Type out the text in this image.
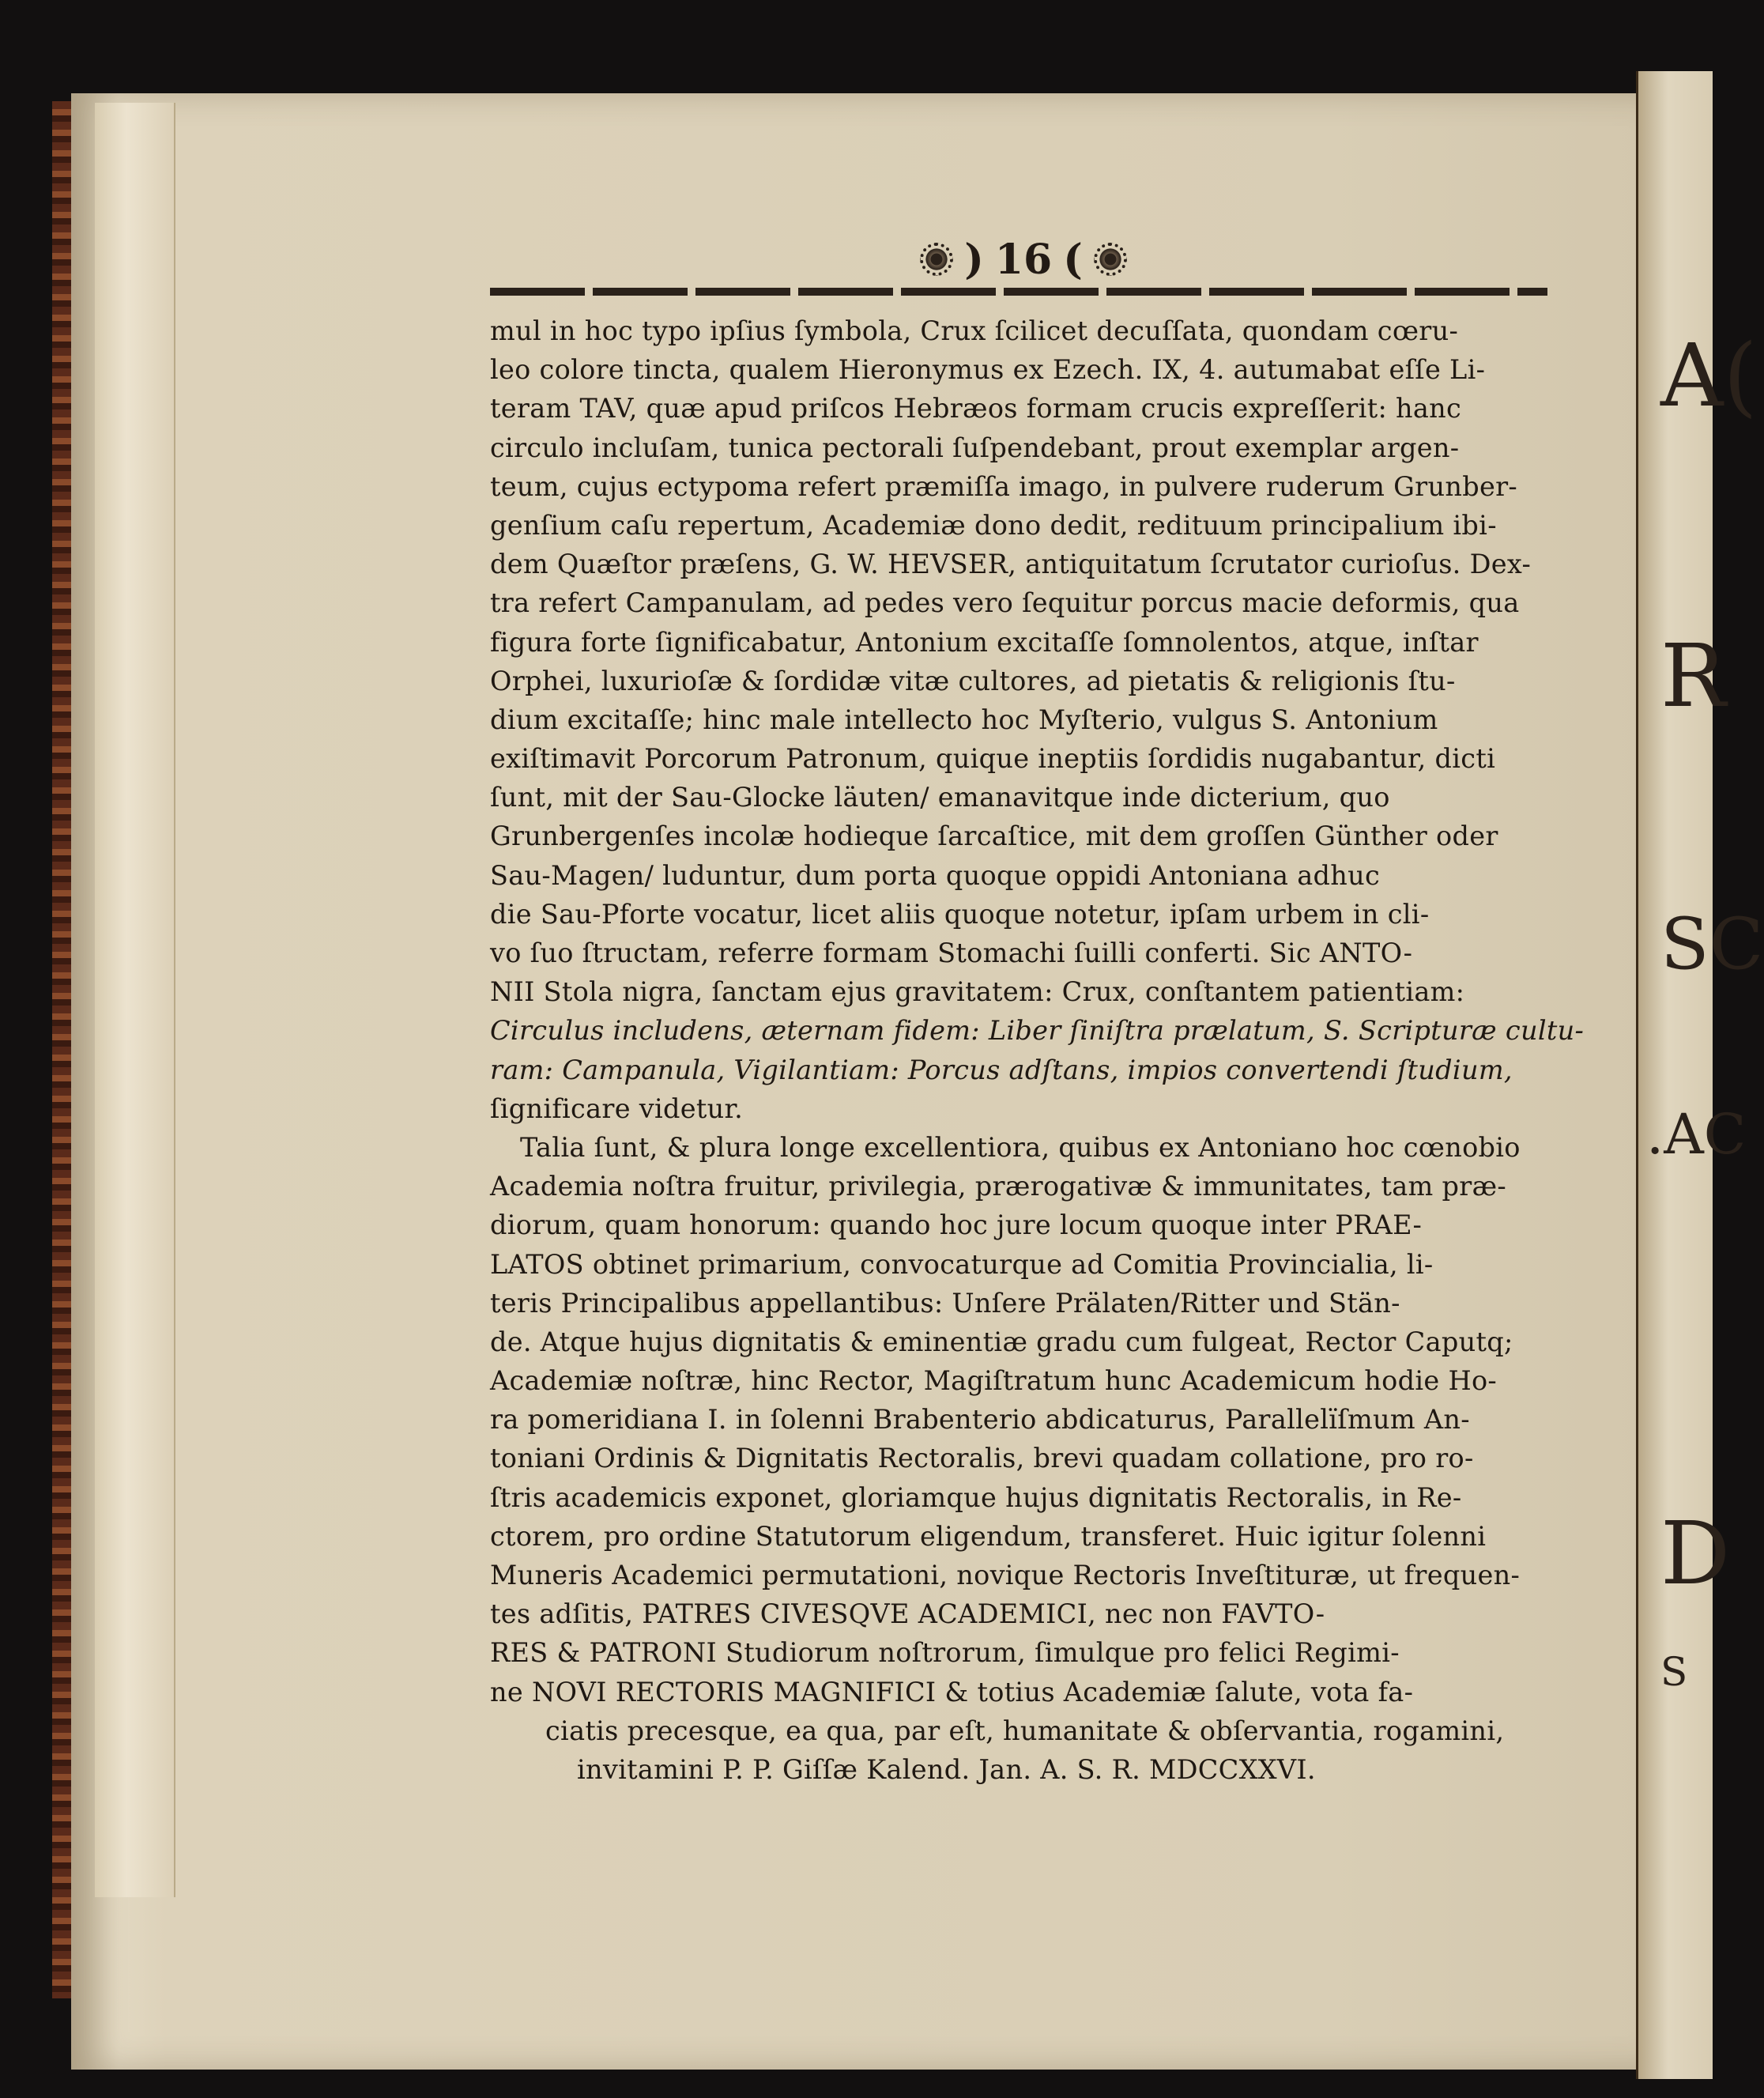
A(
R
SC
.AC
D
S
) 16 (
mul in hoc typo ipſius ſymbola, Crux ſcilicet decuſſata, quondam cœru-
leo colore tincta, qualem Hieronymus ex Ezech. IX, 4. autumabat eſſe Li-
teram TAV, quæ apud priſcos Hebræos formam crucis expreſſerit: hanc
circulo incluſam, tunica pectorali ſuſpendebant, prout exemplar argen-
teum, cujus ectypoma refert præmiſſa imago, in pulvere ruderum Grunber-
genſium caſu repertum, Academiæ dono dedit, redituum principalium ibi-
dem Quæſtor præſens, G. W. HEVSER, antiquitatum ſcrutator curioſus. Dex-
tra refert Campanulam, ad pedes vero ſequitur porcus macie deformis, qua
figura forte ſignificabatur, Antonium excitaſſe ſomnolentos, atque, inſtar
Orphei, luxurioſæ & ſordidæ vitæ cultores, ad pietatis & religionis ſtu-
dium excitaſſe; hinc male intellecto hoc Myſterio, vulgus S. Antonium
exiſtimavit Porcorum Patronum, quique ineptiis ſordidis nugabantur, dicti
ſunt, mit der Sau-Glocke läuten/ emanavitque inde dicterium, quo
Grunbergenſes incolæ hodieque ſarcaſtice, mit dem groſſen Günther oder
Sau-Magen/ luduntur, dum porta quoque oppidi Antoniana adhuc
die Sau-Pforte vocatur, licet aliis quoque notetur, ipſam urbem in cli-
vo ſuo ſtructam, referre formam Stomachi ſuilli conferti. Sic ANTO-
NII Stola nigra, ſanctam ejus gravitatem: Crux, conſtantem patientiam:
Circulus includens, æternam fidem: Liber ſiniſtra prælatum, S. Scripturæ cultu-
ram: Campanula, Vigilantiam: Porcus adſtans, impios convertendi ſtudium,
ſignificare videtur.
Talia ſunt, & plura longe excellentiora, quibus ex Antoniano hoc cœnobio
Academia noſtra fruitur, privilegia, prærogativæ & immunitates, tam præ-
diorum, quam honorum: quando hoc jure locum quoque inter PRAE-
LATOS obtinet primarium, convocaturque ad Comitia Provincialia, li-
teris Principalibus appellantibus: Unſere Prälaten/Ritter und Stän-
de. Atque hujus dignitatis & eminentiæ gradu cum fulgeat, Rector Caputq;
Academiæ noſtræ, hinc Rector, Magiſtratum hunc Academicum hodie Ho-
ra pomeridiana I. in ſolenni Brabenterio abdicaturus, Parallelïſmum An-
toniani Ordinis & Dignitatis Rectoralis, brevi quadam collatione, pro ro-
ſtris academicis exponet, gloriamque hujus dignitatis Rectoralis, in Re-
ctorem, pro ordine Statutorum eligendum, transferet. Huic igitur ſolenni
Muneris Academici permutationi, novique Rectoris Inveſtituræ, ut frequen-
tes adſitis, PATRES CIVESQVE ACADEMICI, nec non FAVTO-
RES & PATRONI Studiorum noſtrorum, ſimulque pro felici Regimi-
ne NOVI RECTORIS MAGNIFICI & totius Academiæ ſalute, vota fa-
ciatis precesque, ea qua, par eſt, humanitate & obſervantia, rogamini,
invitamini P. P. Giſſæ Kalend. Jan. A. S. R. MDCCXXVI.
